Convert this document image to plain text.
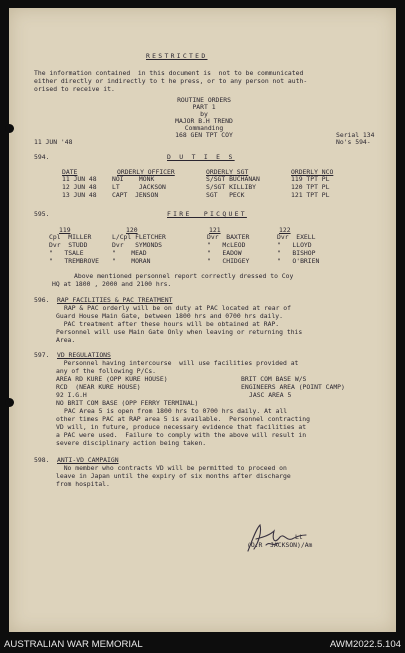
RESTRICTED
The information contained  in this document is  not to be communicated
either directly or indirectly to t he press, or to any person not auth-
orised to receive it.
ROUTINE ORDERS
PART 1
by
MAJOR B.H TREND
Commanding
168 GEN TPT COY
11 JUN '48
Serial 134
No's 594-
594.	D U T I E S
DATE	ORDERLY OFFICER	ORDERLY SGT	ORDERLY NCO
11 JUN 48 NOI    MONK	S/SGT BUCHANAN	119 TPT PL
12 JUN 48 LT     JACKSON	S/SGT KILLIBY	120 TPT PL
13 JUN 48 CAPT  JENSON	SGT   PECK	121 TPT PL
595.	FIRE  PICQUET
119	120	121	122
Cpl  MILLER	L/Cpl FLETCHER	Dvr  BAXTER	Dvr  EXELL
Dvr  STUDD	Dvr   SYMONDS	"   McLEOD	"   LLOYD
"   TSALE	"    MEAD	"   EADOW	"   BISHOP
"   TREMBROVE "    MORAN	"   CHIDGEY	"   O'BRIEN
Above mentioned personnel report correctly dressed to Coy
HQ at 1800 , 2000 and 2100 hrs.
596. RAP FACILITIES & PAC TREATMENT
RAP & PAC orderly will be on duty at PAC located at rear of
Guard House Main Gate, between 1800 hrs and 0700 hrs daily.
PAC treatment after these hours will be obtained at RAP.
Personnel will use Main Gate Only when leaving or returning this
Area.
597. VD REGULATIONS
Personnel having intercourse  will use facilities provided at
any of the following P/Cs.
AREA RD KURE (OPP KURE HOUSE)
RCD  (NEAR KURE HOUSE)
92 I.G.H
NO BRIT COM BASE (OPP FERRY TERMINAL)
BRIT COM BASE W/S
ENGINEERS AREA (POINT CAMP)
JASC AREA 5
PAC Area 5 is open from 1800 hrs to 0700 hrs daily. At all
other times PAC at RAP area 5 is available.  Personnel contracting
VD will, in future, produce necessary evidence that facilities at
a PAC were used.  Failure to comply with the above will result in
severe disciplinary action being taken.
598. ANTI-VD CAMPAIGN
No member who contracts VD will be permitted to proceed on
leave in Japan until the expiry of six months after discharge
from hospital.
Lt
(O.R  JACKSON)/Am
AUSTRALIAN WAR MEMORIAL	AWM2022.5.104
